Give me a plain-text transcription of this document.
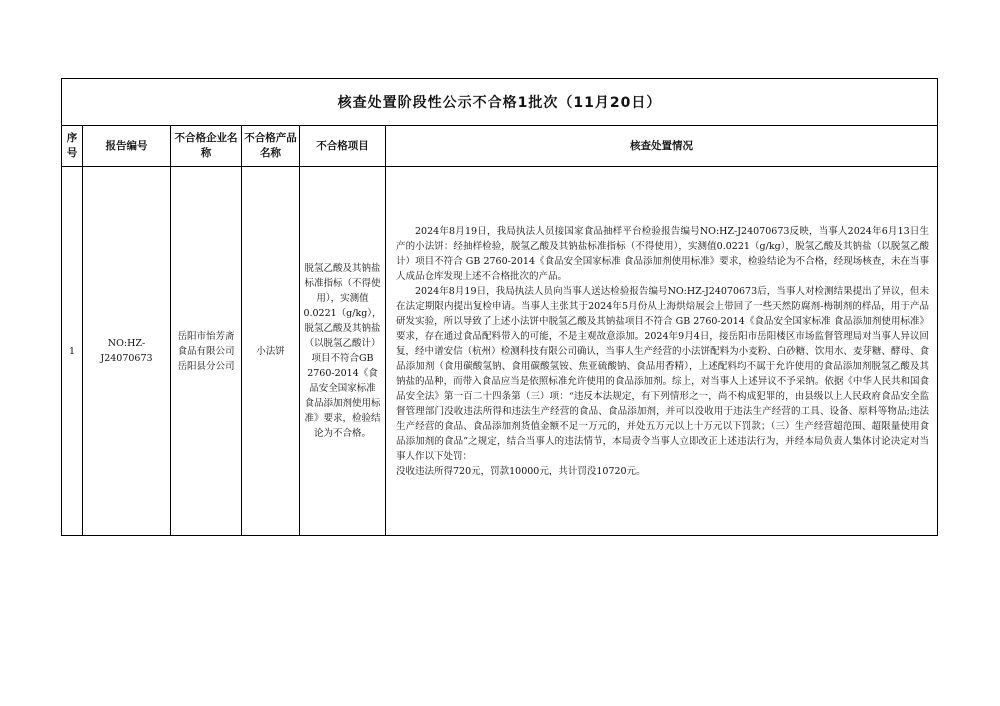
核查处置阶段性公示不合格1批次（11月20日）					
序号	报告编号	不合格企业名称	不合格产品名称	不合格项目	核查处置情况
1	NO:HZ-J24070673	岳阳市怡芳斋食品有限公司岳阳县分公司	小法饼	脱氢乙酸及其钠盐标准指标（不得使用），实测值0.0221（g/kg），脱氢乙酸及其钠盐（以脱氢乙酸计）项目不符合GB 2760-2014《食品安全国家标准 食品添加剂使用标准》要求，检验结论为不合格。	2024年8月19日，我局执法人员接国家食品抽样平台检验报告编号NO:HZ-J24070673反映，当事人2024年6月13日生产的小法饼：经抽样检验，脱氢乙酸及其钠盐标准指标（不得使用），实测值0.0221（g/kg），脱氢乙酸及其钠盐（以脱氢乙酸计）项目不符合 GB 2760-2014《食品安全国家标准 食品添加剂使用标准》要求，检验结论为不合格，经现场核查，未在当事人成品仓库发现上述不合格批次的产品。

2024年8月19日，我局执法人员向当事人送达检验报告编号NO:HZ-J24070673后，当事人对检测结果提出了异议，但未在法定期限内提出复检申请。当事人主张其于2024年5月份从上海烘焙展会上带回了一些天然防腐剂-梅制剂的样品，用于产品研发实验，所以导致了上述小法饼中脱氢乙酸及其钠盐项目不符合 GB 2760-2014《食品安全国家标准 食品添加剂使用标准》要求，存在通过食品配料带入的可能，不是主观故意添加。2024年9月4日，接岳阳市岳阳楼区市场监督管理局对当事人异议回复，经中谱安信（杭州）检测科技有限公司确认，当事人生产经营的小法饼配料为小麦粉、白砂糖、饮用水、麦芽糖、酵母、食品添加剂（食用碳酸氢钠、食用碳酸氢铵、焦亚硫酸钠、食品用香精），上述配料均不属于允许使用的食品添加剂脱氢乙酸及其钠盐的品种，而带入食品应当是依照标准允许使用的食品添加剂。综上，对当事人上述异议不予采纳。依据《中华人民共和国食品安全法》第一百二十四条第（三）项：“违反本法规定，有下列情形之一，尚不构成犯罪的，由县级以上人民政府食品安全监督管理部门没收违法所得和违法生产经营的食品、食品添加剂，并可以没收用于违法生产经营的工具、设备、原料等物品;违法生产经营的食品、食品添加剂货值金额不足一万元的，并处五万元以上十万元以下罚款；（三）生产经营超范围、超限量使用食品添加剂的食品”之规定，结合当事人的违法情节，本局责令当事人立即改正上述违法行为，并经本局负责人集体讨论决定对当事人作以下处罚：

没收违法所得720元，罚款10000元，共计罚没10720元。
